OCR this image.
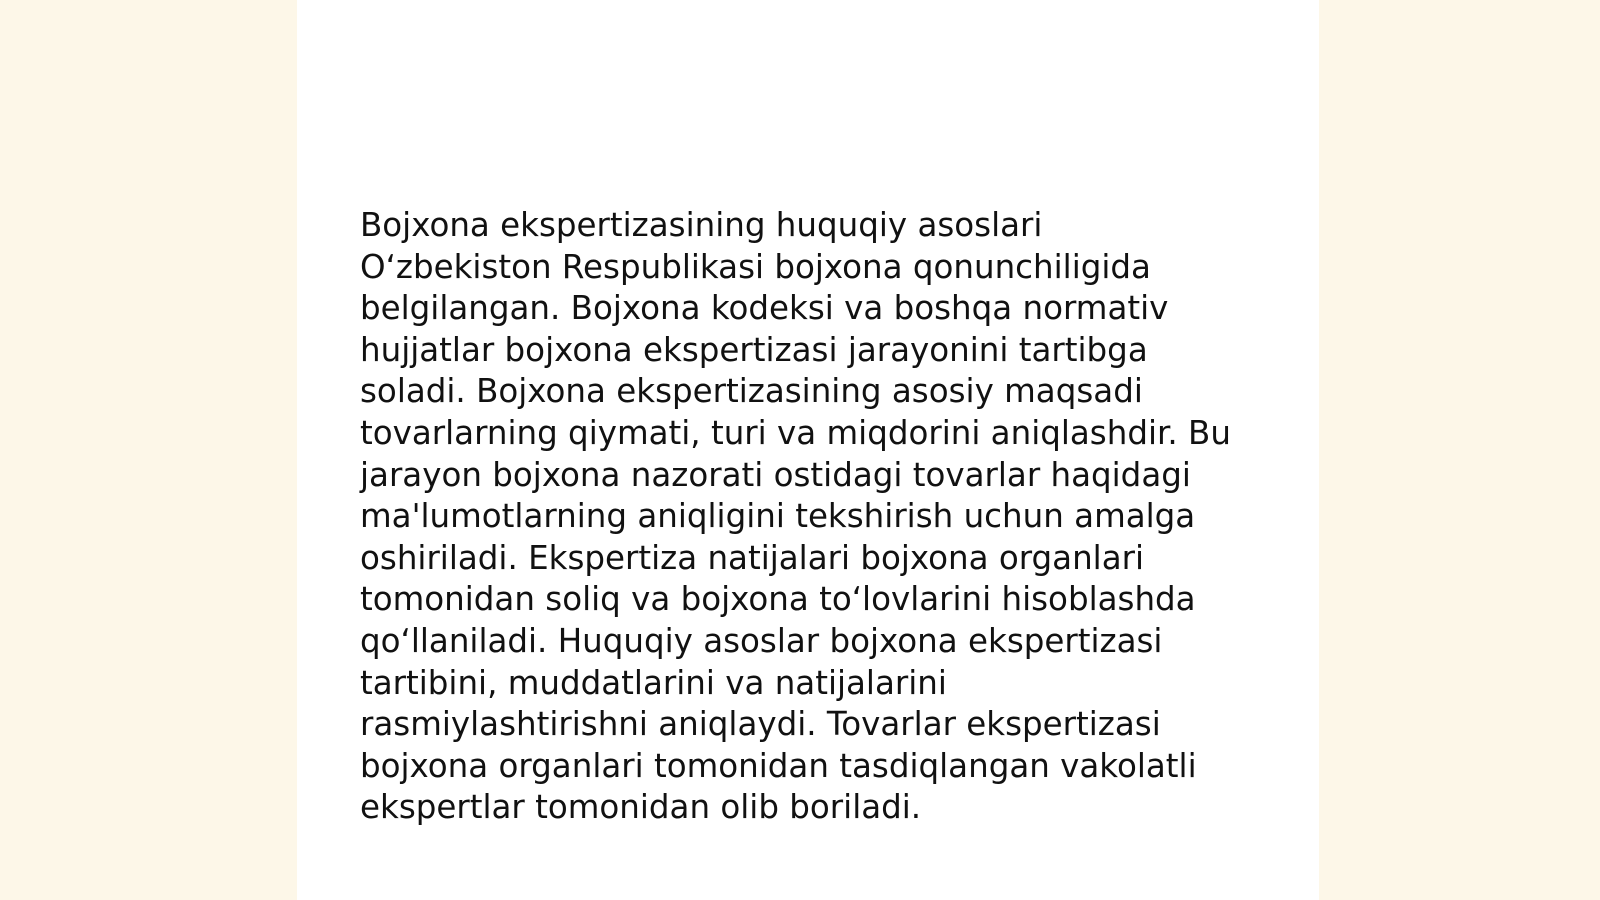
Bojxona ekspertizasining huquqiy asoslari
Oʻzbekiston Respublikasi bojxona qonunchiligida
belgilangan. Bojxona kodeksi va boshqa normativ
hujjatlar bojxona ekspertizasi jarayonini tartibga
soladi. Bojxona ekspertizasining asosiy maqsadi
tovarlarning qiymati, turi va miqdorini aniqlashdir. Bu
jarayon bojxona nazorati ostidagi tovarlar haqidagi
ma'lumotlarning aniqligini tekshirish uchun amalga
oshiriladi. Ekspertiza natijalari bojxona organlari
tomonidan soliq va bojxona toʻlovlarini hisoblashda
qoʻllaniladi. Huquqiy asoslar bojxona ekspertizasi
tartibini, muddatlarini va natijalarini
rasmiylashtirishni aniqlaydi. Tovarlar ekspertizasi
bojxona organlari tomonidan tasdiqlangan vakolatli
ekspertlar tomonidan olib boriladi.
